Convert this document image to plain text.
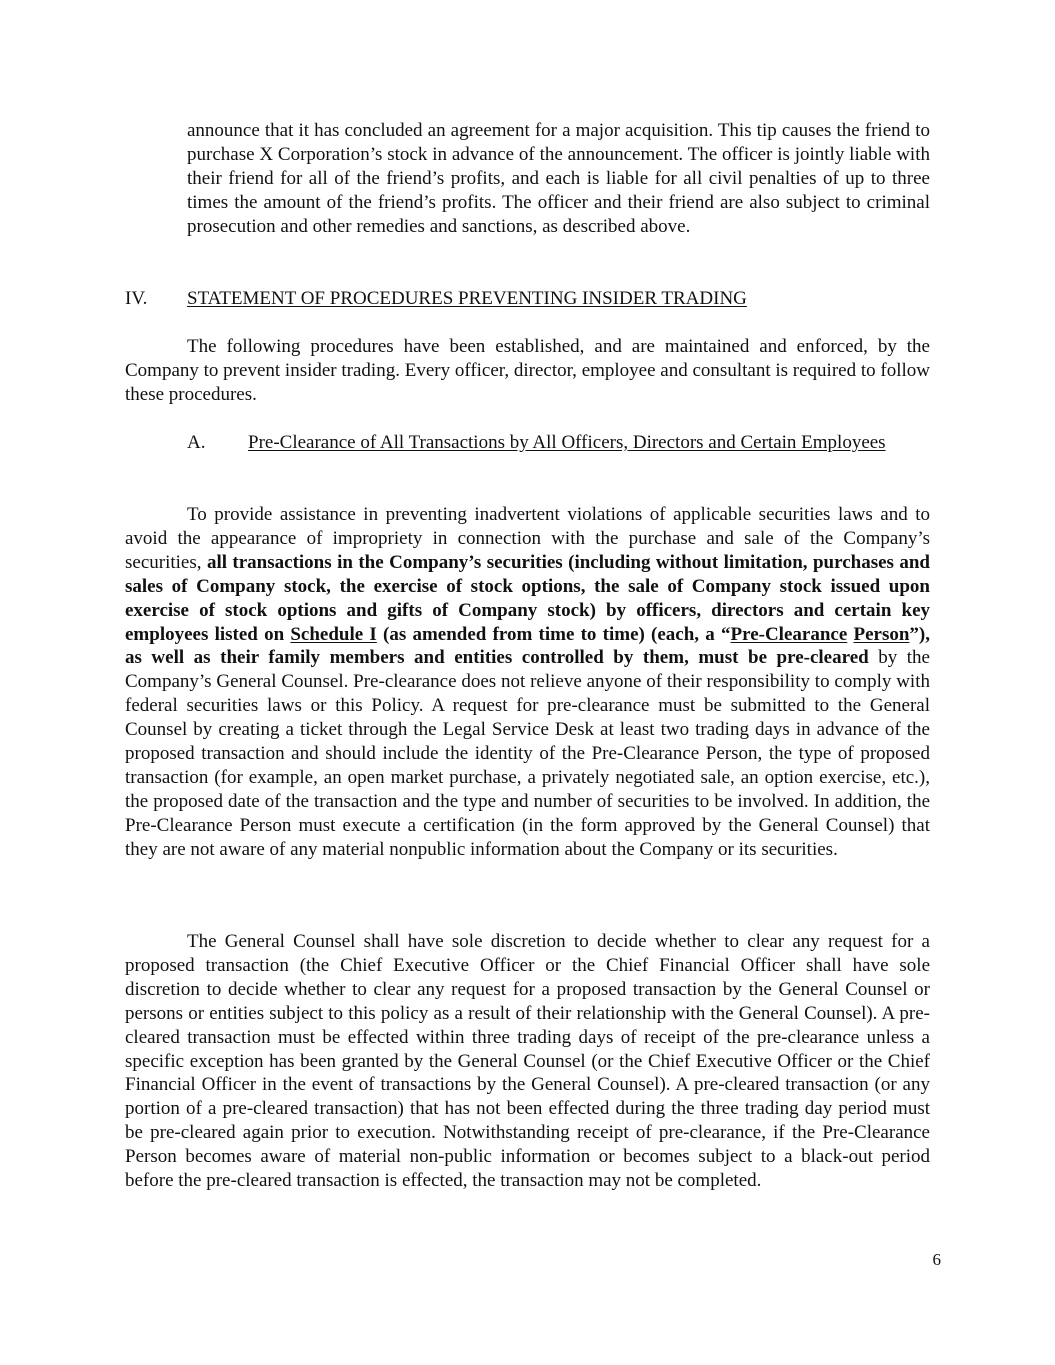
announce that it has concluded an agreement for a major acquisition. This tip causes the friend to purchase X Corporation’s stock in advance of the announcement. The officer is jointly liable with their friend for all of the friend’s profits, and each is liable for all civil penalties of up to three times the amount of the friend’s profits. The officer and their friend are also subject to criminal prosecution and other remedies and sanctions, as described above.

IV. STATEMENT OF PROCEDURES PREVENTING INSIDER TRADING

The following procedures have been established, and are maintained and enforced, by the Company to prevent insider trading. Every officer, director, employee and consultant is required to follow these procedures.

A. Pre-Clearance of All Transactions by All Officers, Directors and Certain Employees

To provide assistance in preventing inadvertent violations of applicable securities laws and to avoid the appearance of impropriety in connection with the purchase and sale of the Company’s securities, all transactions in the Company’s securities (including without limitation, purchases and sales of Company stock, the exercise of stock options, the sale of Company stock issued upon exercise of stock options and gifts of Company stock) by officers, directors and certain key employees listed on Schedule I (as amended from time to time) (each, a “Pre-Clearance Person”), as well as their family members and entities controlled by them, must be pre-cleared by the Company’s General Counsel. Pre-clearance does not relieve anyone of their responsibility to comply with federal securities laws or this Policy. A request for pre-clearance must be submitted to the General Counsel by creating a ticket through the Legal Service Desk at least two trading days in advance of the proposed transaction and should include the identity of the Pre-Clearance Person, the type of proposed transaction (for example, an open market purchase, a privately negotiated sale, an option exercise, etc.), the proposed date of the transaction and the type and number of securities to be involved. In addition, the Pre-Clearance Person must execute a certification (in the form approved by the General Counsel) that they are not aware of any material nonpublic information about the Company or its securities.

The General Counsel shall have sole discretion to decide whether to clear any request for a proposed transaction (the Chief Executive Officer or the Chief Financial Officer shall have sole discretion to decide whether to clear any request for a proposed transaction by the General Counsel or persons or entities subject to this policy as a result of their relationship with the General Counsel). A pre-cleared transaction must be effected within three trading days of receipt of the pre-clearance unless a specific exception has been granted by the General Counsel (or the Chief Executive Officer or the Chief Financial Officer in the event of transactions by the General Counsel). A pre-cleared transaction (or any portion of a pre-cleared transaction) that has not been effected during the three trading day period must be pre-cleared again prior to execution. Notwithstanding receipt of pre-clearance, if the Pre-Clearance Person becomes aware of material non-public information or becomes subject to a black-out period before the pre-cleared transaction is effected, the transaction may not be completed.

6
